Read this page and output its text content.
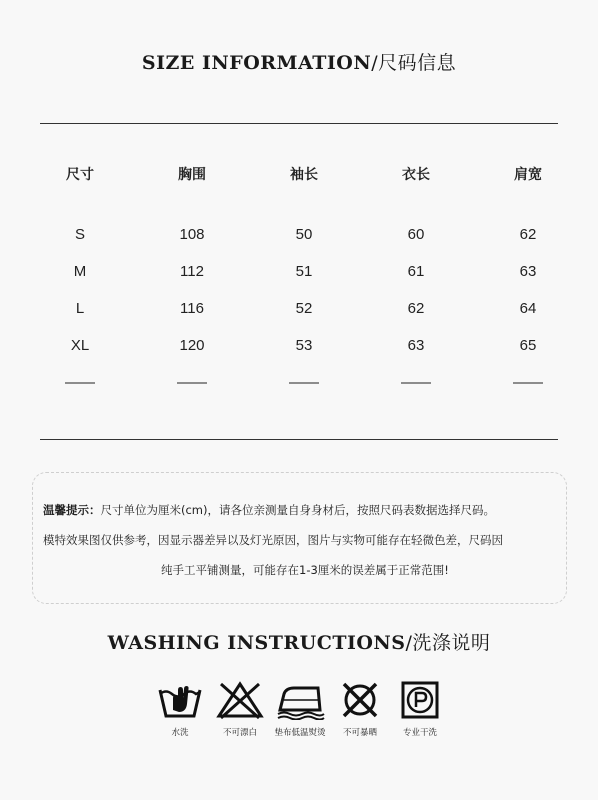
SIZE INFORMATION/尺码信息
尺寸	胸围	袖长	衣长	肩宽

S	108	50	60	62
M	112	51	61	63
L	116	52	62	64
XL	120	53	63	65
——	——	——	——	——
温馨提示：尺寸单位为厘米(cm)，请各位亲测量自身身材后，按照尺码表数据选择尺码。
模特效果图仅供参考，因显示器差异以及灯光原因，图片与实物可能存在轻微色差，尺码因
纯手工平铺测量，可能存在1-3厘米的误差属于正常范围!
WASHING INSTRUCTIONS/洗涤说明
水洗	不可漂白	垫布低温熨烫	不可暴晒	专业干洗
